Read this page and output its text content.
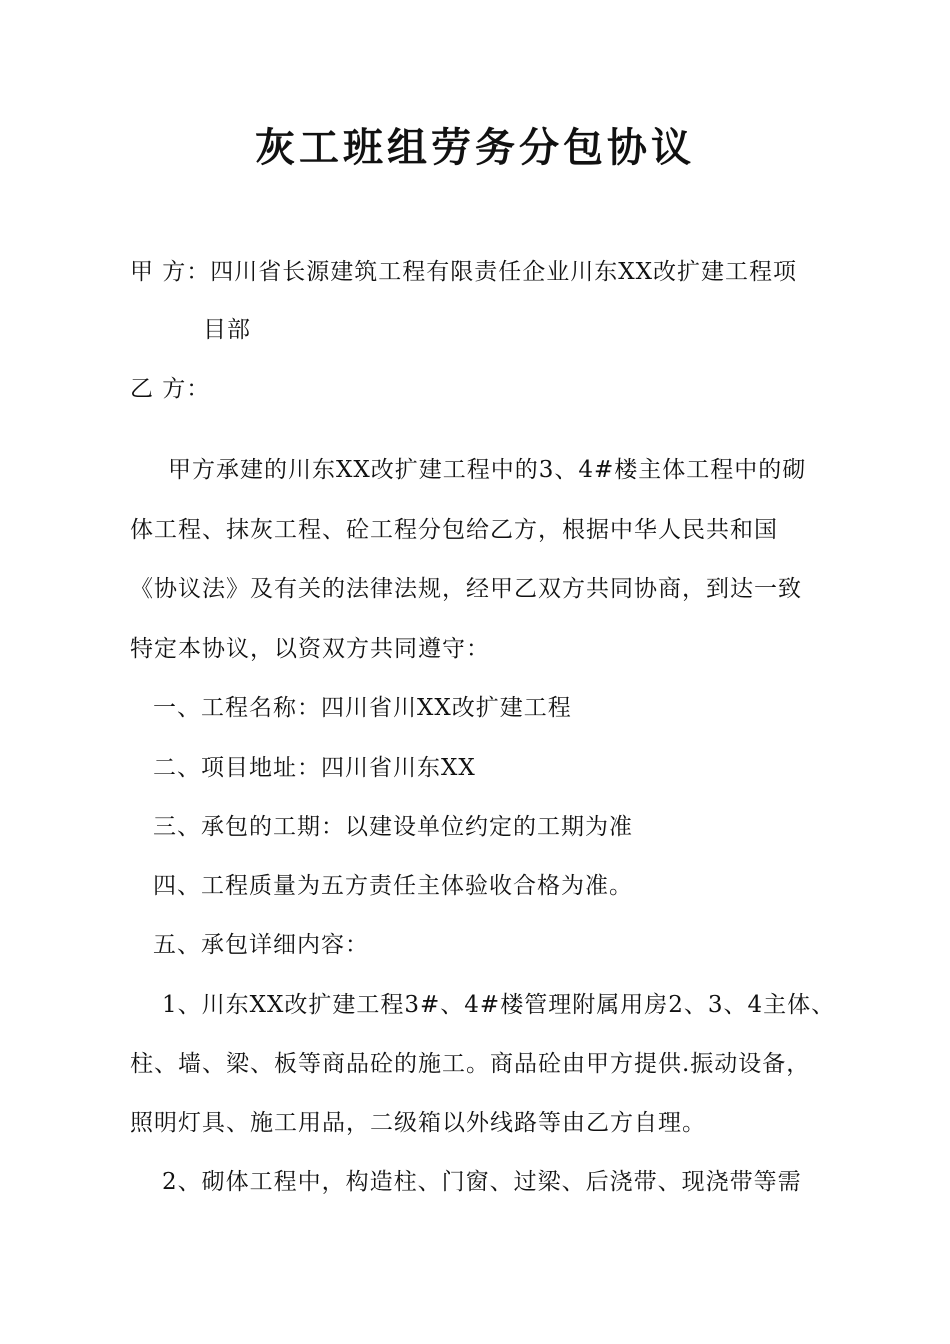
灰工班组劳务分包协议
甲 方：四川省长源建筑工程有限责任企业川东XX改扩建工程项
目部
乙 方：
甲方承建的川东XX改扩建工程中的3、4#楼主体工程中的砌
体工程、抹灰工程、砼工程分包给乙方，根据中华人民共和国
《协议法》及有关的法律法规，经甲乙双方共同协商，到达一致
特定本协议，以资双方共同遵守：
一、工程名称：四川省川XX改扩建工程
二、项目地址：四川省川东XX
三、承包的工期：以建设单位约定的工期为准
四、工程质量为五方责任主体验收合格为准。
五、承包详细内容：
1、川东XX改扩建工程3#、4#楼管理附属用房2、3、4主体、
柱、墙、梁、板等商品砼的施工。商品砼由甲方提供.振动设备，
照明灯具、施工用品，二级箱以外线路等由乙方自理。
2、砌体工程中，构造柱、门窗、过梁、后浇带、现浇带等需
